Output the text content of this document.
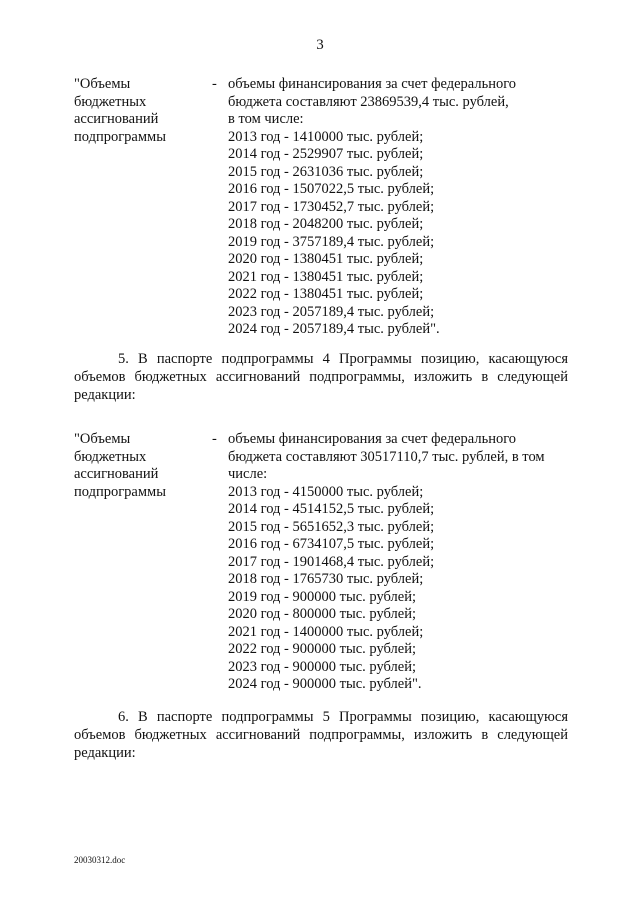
3
"Объемы
бюджетных
ассигнований
подпрограммы
- объемы финансирования за счет федерального
бюджета составляют 23869539,4 тыс. рублей,
в том числе:
2013 год - 1410000 тыс. рублей;
2014 год - 2529907 тыс. рублей;
2015 год - 2631036 тыс. рублей;
2016 год - 1507022,5 тыс. рублей;
2017 год - 1730452,7 тыс. рублей;
2018 год - 2048200 тыс. рублей;
2019 год - 3757189,4 тыс. рублей;
2020 год - 1380451 тыс. рублей;
2021 год - 1380451 тыс. рублей;
2022 год - 1380451 тыс. рублей;
2023 год - 2057189,4 тыс. рублей;
2024 год - 2057189,4 тыс. рублей".
5. В паспорте подпрограммы 4 Программы позицию, касающуюся
объемов бюджетных ассигнований подпрограммы, изложить в следующей
редакции:
"Объемы
бюджетных
ассигнований
подпрограммы
- объемы финансирования за счет федерального
бюджета составляют 30517110,7 тыс. рублей, в том
числе:
2013 год - 4150000 тыс. рублей;
2014 год - 4514152,5 тыс. рублей;
2015 год - 5651652,3 тыс. рублей;
2016 год - 6734107,5 тыс. рублей;
2017 год - 1901468,4 тыс. рублей;
2018 год - 1765730 тыс. рублей;
2019 год - 900000 тыс. рублей;
2020 год - 800000 тыс. рублей;
2021 год - 1400000 тыс. рублей;
2022 год - 900000 тыс. рублей;
2023 год - 900000 тыс. рублей;
2024 год - 900000 тыс. рублей".
6. В паспорте подпрограммы 5 Программы позицию, касающуюся
объемов бюджетных ассигнований подпрограммы, изложить в следующей
редакции:
20030312.doc
